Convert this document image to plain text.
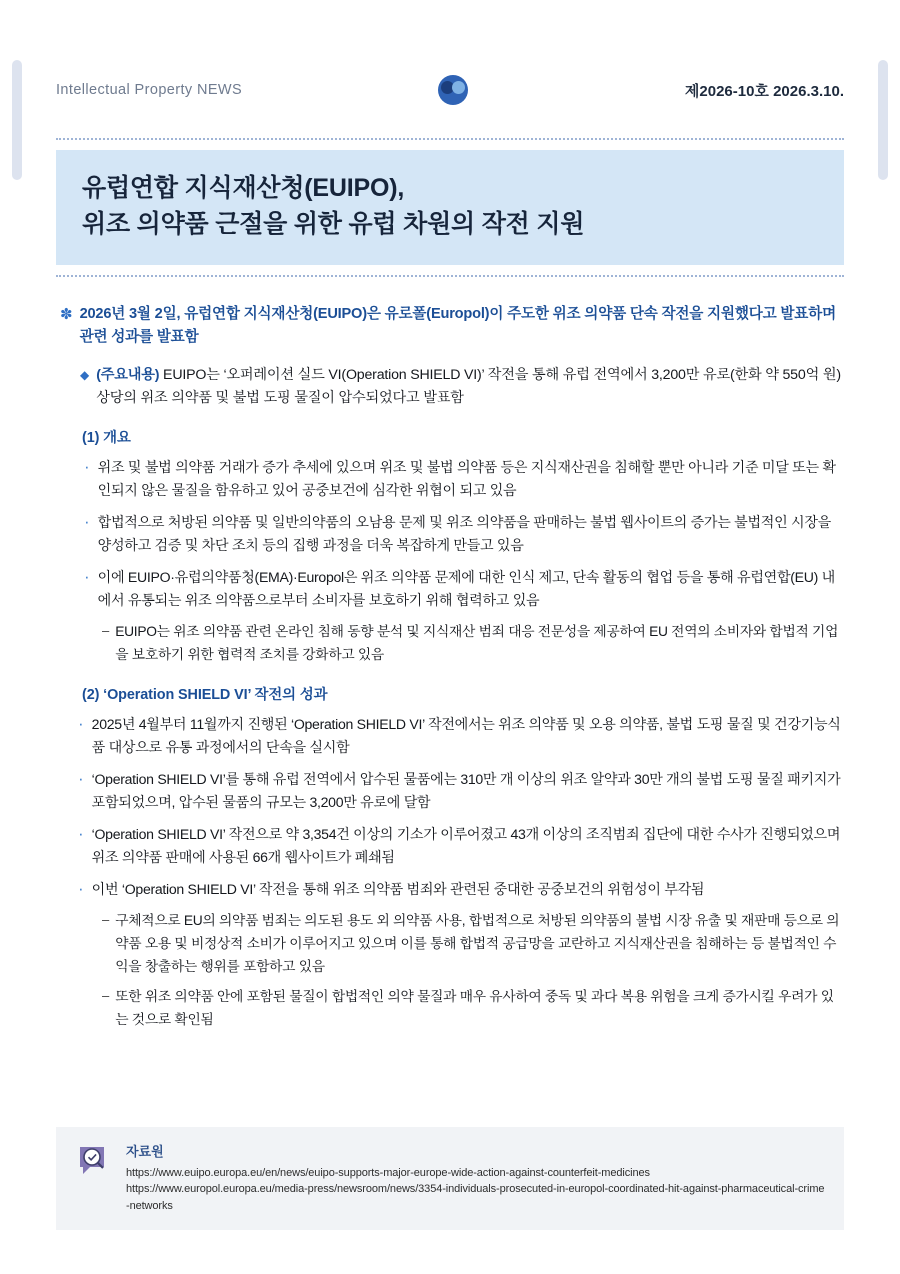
Intellectual Property NEWS	제2026-10호 2026.3.10.
유럽연합 지식재산청(EUIPO),
위조 의약품 근절을 위한 유럽 차원의 작전 지원
✽ 2026년 3월 2일, 유럽연합 지식재산청(EUIPO)은 유로폴(Europol)이 주도한 위조 의약품 단속 작전을 지원했다고 발표하며 관련 성과를 발표함
◆ (주요내용) EUIPO는 ‘오퍼레이션 실드 VI(Operation SHIELD VI)’ 작전을 통해 유럽 전역에서 3,200만 유로(한화 약 550억 원) 상당의 위조 의약품 및 불법 도핑 물질이 압수되었다고 발표함
(1) 개요
· 위조 및 불법 의약품 거래가 증가 추세에 있으며 위조 및 불법 의약품 등은 지식재산권을 침해할 뿐만 아니라 기준 미달 또는 확인되지 않은 물질을 함유하고 있어 공중보건에 심각한 위협이 되고 있음
· 합법적으로 처방된 의약품 및 일반의약품의 오남용 문제 및 위조 의약품을 판매하는 불법 웹사이트의 증가는 불법적인 시장을 양성하고 검증 및 차단 조치 등의 집행 과정을 더욱 복잡하게 만들고 있음
· 이에 EUIPO·유럽의약품청(EMA)·Europol은 위조 의약품 문제에 대한 인식 제고, 단속 활동의 협업 등을 통해 유럽연합(EU) 내에서 유통되는 위조 의약품으로부터 소비자를 보호하기 위해 협력하고 있음
– EUIPO는 위조 의약품 관련 온라인 침해 동향 분석 및 지식재산 범죄 대응 전문성을 제공하여 EU 전역의 소비자와 합법적 기업을 보호하기 위한 협력적 조치를 강화하고 있음
(2) ‘Operation SHIELD VI’ 작전의 성과
· 2025년 4월부터 11월까지 진행된 ‘Operation SHIELD VI’ 작전에서는 위조 의약품 및 오용 의약품, 불법 도핑 물질 및 건강기능식품 대상으로 유통 과정에서의 단속을 실시함
· ‘Operation SHIELD VI’를 통해 유럽 전역에서 압수된 물품에는 310만 개 이상의 위조 알약과 30만 개의 불법 도핑 물질 패키지가 포함되었으며, 압수된 물품의 규모는 3,200만 유로에 달함
· ‘Operation SHIELD VI’ 작전으로 약 3,354건 이상의 기소가 이루어졌고 43개 이상의 조직범죄 집단에 대한 수사가 진행되었으며 위조 의약품 판매에 사용된 66개 웹사이트가 폐쇄됨
· 이번 ‘Operation SHIELD VI’ 작전을 통해 위조 의약품 범죄와 관련된 중대한 공중보건의 위험성이 부각됨
– 구체적으로 EU의 의약품 범죄는 의도된 용도 외 의약품 사용, 합법적으로 처방된 의약품의 불법 시장 유출 및 재판매 등으로 의약품 오용 및 비정상적 소비가 이루어지고 있으며 이를 통해 합법적 공급망을 교란하고 지식재산권을 침해하는 등 불법적인 수익을 창출하는 행위를 포함하고 있음
– 또한 위조 의약품 안에 포함된 물질이 합법적인 의약 물질과 매우 유사하여 중독 및 과다 복용 위험을 크게 증가시킬 우려가 있는 것으로 확인됨
자료원
https://www.euipo.europa.eu/en/news/euipo-supports-major-europe-wide-action-against-counterfeit-medicines
https://www.europol.europa.eu/media-press/newsroom/news/3354-individuals-prosecuted-in-europol-coordinated-hit-against-pharmaceutical-crime-networks
